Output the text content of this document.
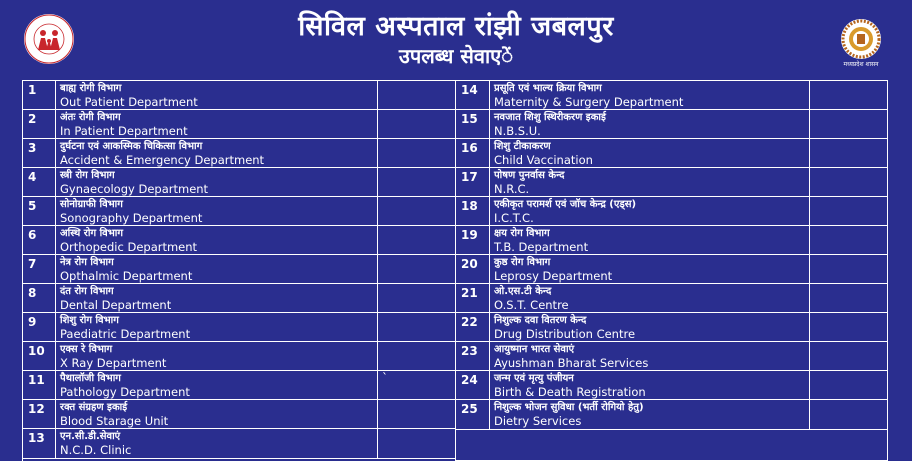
सिविल अस्पताल रांझी जबलपुर
उपलब्ध सेवाएें	मध्यप्रदेश शासन
1	बाह्य रोगी विभाग
Out Patient Department
2	अंतः रोगी विभाग
In Patient Department
3	दुर्घटना एवं आकस्मिक चिकित्सा विभाग
Accident & Emergency Department
4	स्त्री रोग विभाग
Gynaecology Department
5	सोनोग्राफी विभाग
Sonography Department
6	अस्थि रोग विभाग
Orthopedic Department
7	नेत्र रोग विभाग
Opthalmic Department
8	दंत रोग विभाग
Dental Department
9	शिशु रोग विभाग
Paediatric Department
10	एक्स रे विभाग
X Ray Department
11	पैथालॉजी विभाग
Pathology Department
`
12	रक्त संग्रहण इकाई
Blood Starage Unit
13	एन.सी.डी.सेवाएं
N.C.D. Clinic
14	प्रसूति एवं भाल्य क्रिया विभाग
Maternity & Surgery Department
15	नवजात शिशु स्थिरीकरण इकाई
N.B.S.U.
16	शिशु टीकाकरण
Child Vaccination
17	पोषण पुनर्वास केन्द
N.R.C.
18	एकीकृत परामर्श एवं जॉच केन्द्र (एड्स)
I.C.T.C.
19	क्षय रोग विभाग
T.B. Department
20	कुष्ठ रोग विभाग
Leprosy Department
21	ओ.एस.टी केन्द
O.S.T. Centre
22	निशुल्क दवा वितरण केन्द
Drug Distribution Centre
23	आयुष्मान भारत सेवाएं
Ayushman Bharat Services
24	जन्म एवं मृत्यु पंजीयन
Birth & Death Registration
25	निशुल्क भोजन सुविधा (भर्ती रोगियो हेतु)
Dietry Services
